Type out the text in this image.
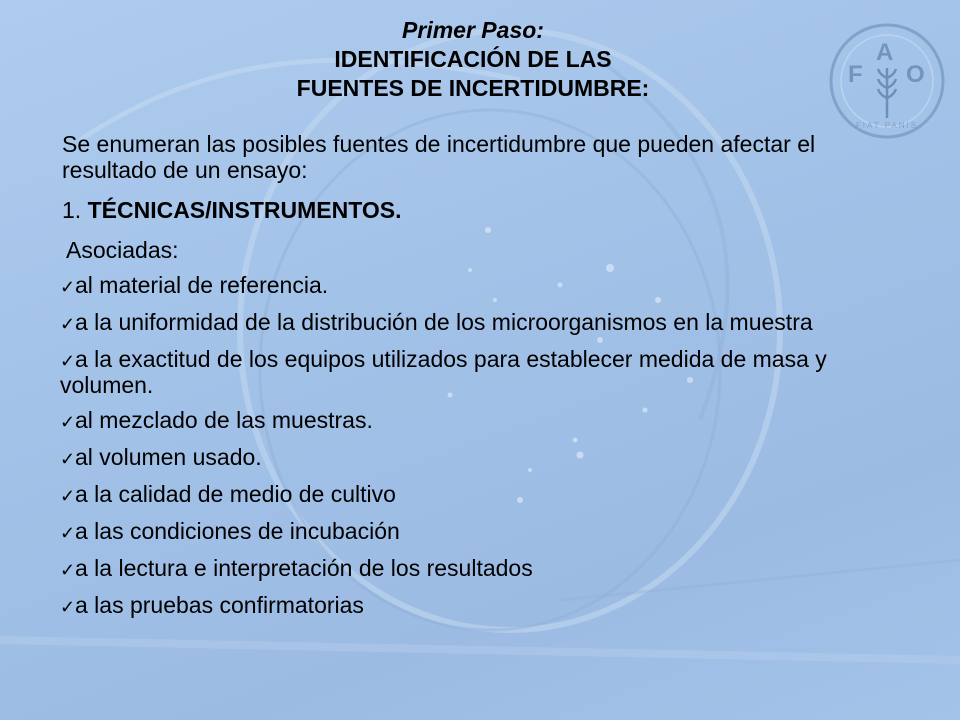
F
A
O
FIAT PANIS
Primer Paso:
IDENTIFICACIÓN DE LAS
FUENTES DE INCERTIDUMBRE:

Se enumeran las posibles fuentes de incertidumbre que pueden afectar el resultado de un ensayo:

1. TÉCNICAS/INSTRUMENTOS.
Asociadas:
✓al material de referencia.
✓a la uniformidad de la distribución de los microorganismos en la muestra
✓a la exactitud de los equipos utilizados para establecer medida de masa y volumen.
✓al mezclado de las muestras.
✓al volumen usado.
✓a la calidad de medio de cultivo
✓a las condiciones de incubación
✓a la lectura e interpretación de los resultados
✓a las pruebas confirmatorias
